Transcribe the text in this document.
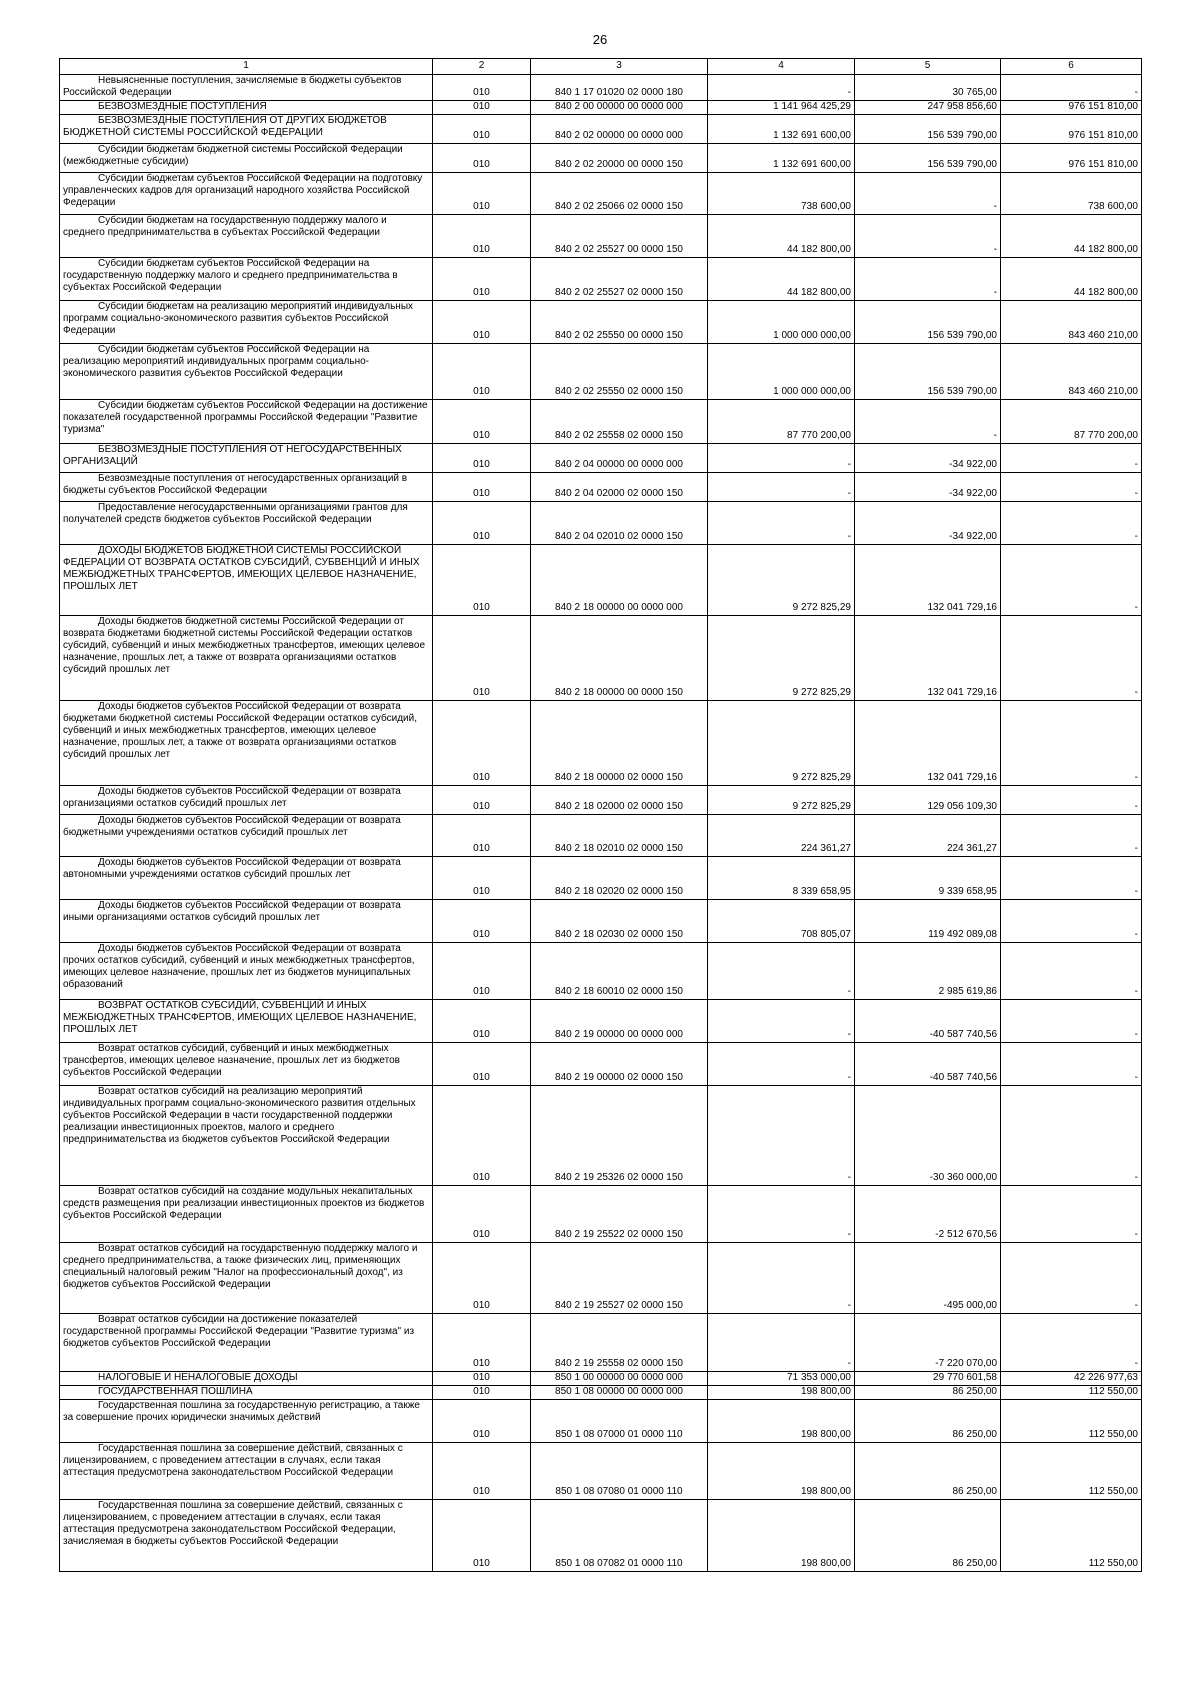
26
1	2	3	4	5	6
Невыясненные поступления, зачисляемые в бюджеты субъектов Российской Федерации	010	840 1 17 01020 02 0000 180	-	30 765,00	-
БЕЗВОЗМЕЗДНЫЕ ПОСТУПЛЕНИЯ	010	840 2 00 00000 00 0000 000	1 141 964 425,29	247 958 856,60	976 151 810,00
БЕЗВОЗМЕЗДНЫЕ ПОСТУПЛЕНИЯ ОТ ДРУГИХ БЮДЖЕТОВ БЮДЖЕТНОЙ СИСТЕМЫ РОССИЙСКОЙ ФЕДЕРАЦИИ	010	840 2 02 00000 00 0000 000	1 132 691 600,00	156 539 790,00	976 151 810,00
Субсидии бюджетам бюджетной системы Российской Федерации (межбюджетные субсидии)	010	840 2 02 20000 00 0000 150	1 132 691 600,00	156 539 790,00	976 151 810,00
Субсидии бюджетам субъектов Российской Федерации на подготовку управленческих кадров для организаций народного хозяйства Российской Федерации	010	840 2 02 25066 02 0000 150	738 600,00	-	738 600,00
Субсидии бюджетам на государственную поддержку малого и среднего предпринимательства в субъектах Российской Федерации	010	840 2 02 25527 00 0000 150	44 182 800,00	-	44 182 800,00
Субсидии бюджетам субъектов Российской Федерации на государственную поддержку малого и среднего предпринимательства в субъектах Российской Федерации	010	840 2 02 25527 02 0000 150	44 182 800,00	-	44 182 800,00
Субсидии бюджетам на реализацию мероприятий индивидуальных программ социально-экономического развития субъектов Российской Федерации	010	840 2 02 25550 00 0000 150	1 000 000 000,00	156 539 790,00	843 460 210,00
Субсидии бюджетам субъектов Российской Федерации на реализацию мероприятий индивидуальных программ социально-экономического развития субъектов Российской Федерации	010	840 2 02 25550 02 0000 150	1 000 000 000,00	156 539 790,00	843 460 210,00
Субсидии бюджетам субъектов Российской Федерации на достижение показателей государственной программы Российской Федерации "Развитие туризма"	010	840 2 02 25558 02 0000 150	87 770 200,00	-	87 770 200,00
БЕЗВОЗМЕЗДНЫЕ ПОСТУПЛЕНИЯ ОТ НЕГОСУДАРСТВЕННЫХ ОРГАНИЗАЦИЙ	010	840 2 04 00000 00 0000 000	-	-34 922,00	-
Безвозмездные поступления от негосударственных организаций в бюджеты субъектов Российской Федерации	010	840 2 04 02000 02 0000 150	-	-34 922,00	-
Предоставление негосударственными организациями грантов для получателей средств бюджетов субъектов Российской Федерации	010	840 2 04 02010 02 0000 150	-	-34 922,00	-
ДОХОДЫ БЮДЖЕТОВ БЮДЖЕТНОЙ СИСТЕМЫ РОССИЙСКОЙ ФЕДЕРАЦИИ ОТ ВОЗВРАТА ОСТАТКОВ СУБСИДИЙ, СУБВЕНЦИЙ И ИНЫХ МЕЖБЮДЖЕТНЫХ ТРАНСФЕРТОВ, ИМЕЮЩИХ ЦЕЛЕВОЕ НАЗНАЧЕНИЕ, ПРОШЛЫХ ЛЕТ	010	840 2 18 00000 00 0000 000	9 272 825,29	132 041 729,16	-
Доходы бюджетов бюджетной системы Российской Федерации от возврата бюджетами бюджетной системы Российской Федерации остатков субсидий, субвенций и иных межбюджетных трансфертов, имеющих целевое назначение, прошлых лет, а также от возврата организациями остатков субсидий прошлых лет	010	840 2 18 00000 00 0000 150	9 272 825,29	132 041 729,16	-
Доходы бюджетов субъектов Российской Федерации от возврата бюджетами бюджетной системы Российской Федерации остатков субсидий, субвенций и иных межбюджетных трансфертов, имеющих целевое назначение, прошлых лет, а также от возврата организациями остатков субсидий прошлых лет	010	840 2 18 00000 02 0000 150	9 272 825,29	132 041 729,16	-
Доходы бюджетов субъектов Российской Федерации от возврата организациями остатков субсидий прошлых лет	010	840 2 18 02000 02 0000 150	9 272 825,29	129 056 109,30	-
Доходы бюджетов субъектов Российской Федерации от возврата бюджетными учреждениями остатков субсидий прошлых лет	010	840 2 18 02010 02 0000 150	224 361,27	224 361,27	-
Доходы бюджетов субъектов Российской Федерации от возврата автономными учреждениями остатков субсидий прошлых лет	010	840 2 18 02020 02 0000 150	8 339 658,95	9 339 658,95	-
Доходы бюджетов субъектов Российской Федерации от возврата иными организациями остатков субсидий прошлых лет	010	840 2 18 02030 02 0000 150	708 805,07	119 492 089,08	-
Доходы бюджетов субъектов Российской Федерации от возврата прочих остатков субсидий, субвенций и иных межбюджетных трансфертов, имеющих целевое назначение, прошлых лет из бюджетов муниципальных образований	010	840 2 18 60010 02 0000 150	-	2 985 619,86	-
ВОЗВРАТ ОСТАТКОВ СУБСИДИЙ, СУБВЕНЦИЙ И ИНЫХ МЕЖБЮДЖЕТНЫХ ТРАНСФЕРТОВ, ИМЕЮЩИХ ЦЕЛЕВОЕ НАЗНАЧЕНИЕ, ПРОШЛЫХ ЛЕТ	010	840 2 19 00000 00 0000 000	-	-40 587 740,56	-
Возврат остатков субсидий, субвенций и иных межбюджетных трансфертов, имеющих целевое назначение, прошлых лет из бюджетов субъектов Российской Федерации	010	840 2 19 00000 02 0000 150	-	-40 587 740,56	-
Возврат остатков субсидий на реализацию мероприятий индивидуальных программ социально-экономического развития отдельных субъектов Российской Федерации в части государственной поддержки реализации инвестиционных проектов, малого и среднего предпринимательства из бюджетов субъектов Российской Федерации	010	840 2 19 25326 02 0000 150	-	-30 360 000,00	-
Возврат остатков субсидий на создание модульных некапитальных средств размещения при реализации инвестиционных проектов из бюджетов субъектов Российской Федерации	010	840 2 19 25522 02 0000 150	-	-2 512 670,56	-
Возврат остатков субсидий на государственную поддержку малого и среднего предпринимательства, а также физических лиц, применяющих специальный налоговый режим "Налог на профессиональный доход", из бюджетов субъектов Российской Федерации	010	840 2 19 25527 02 0000 150	-	-495 000,00	-
Возврат остатков субсидии на достижение показателей государственной программы Российской Федерации "Развитие туризма" из бюджетов субъектов Российской Федерации	010	840 2 19 25558 02 0000 150	-	-7 220 070,00	-
НАЛОГОВЫЕ И НЕНАЛОГОВЫЕ ДОХОДЫ	010	850 1 00 00000 00 0000 000	71 353 000,00	29 770 601,58	42 226 977,63
ГОСУДАРСТВЕННАЯ ПОШЛИНА	010	850 1 08 00000 00 0000 000	198 800,00	86 250,00	112 550,00
Государственная пошлина за государственную регистрацию, а также за совершение прочих юридически значимых действий	010	850 1 08 07000 01 0000 110	198 800,00	86 250,00	112 550,00
Государственная пошлина за совершение действий, связанных с лицензированием, с проведением аттестации в случаях, если такая аттестация предусмотрена законодательством Российской Федерации	010	850 1 08 07080 01 0000 110	198 800,00	86 250,00	112 550,00
Государственная пошлина за совершение действий, связанных с лицензированием, с проведением аттестации в случаях, если такая аттестация предусмотрена законодательством Российской Федерации, зачисляемая в бюджеты субъектов Российской Федерации	010	850 1 08 07082 01 0000 110	198 800,00	86 250,00	112 550,00
